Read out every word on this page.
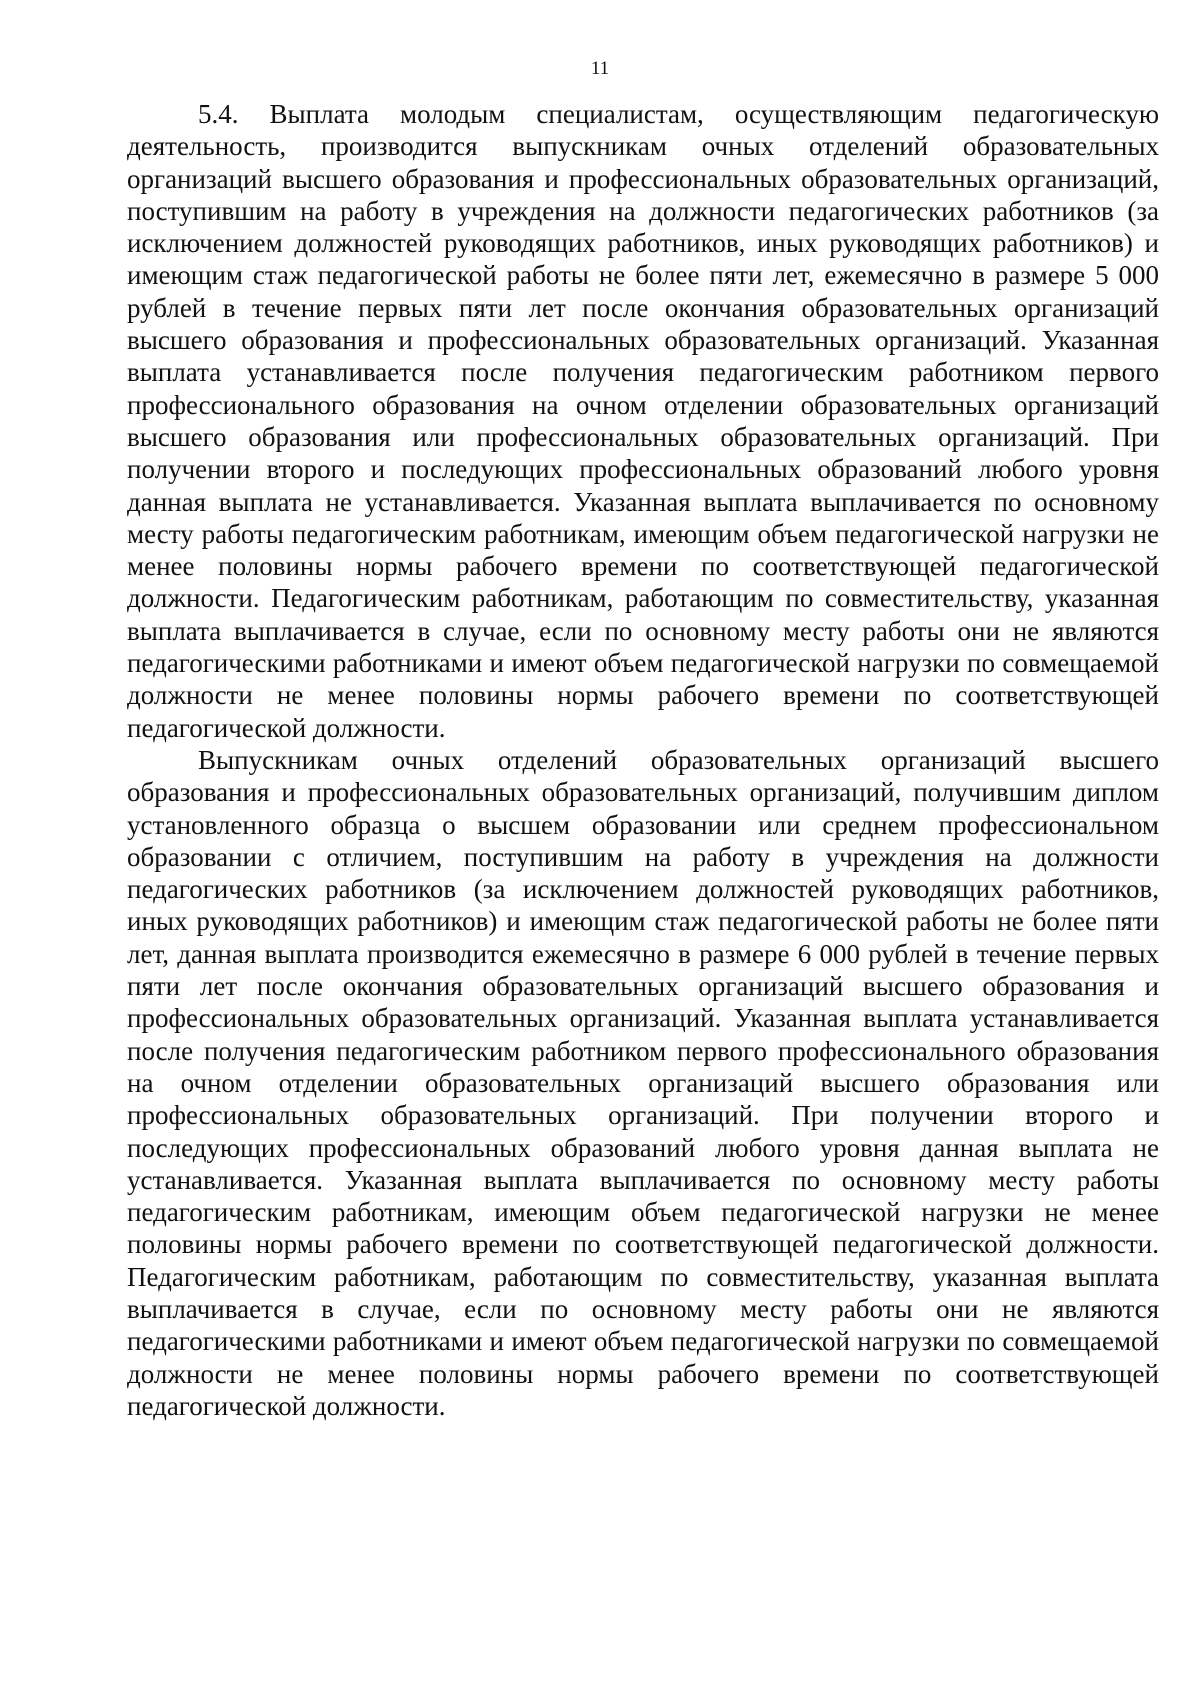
11

5.4. Выплата молодым специалистам, осуществляющим педагогическую деятельность, производится выпускникам очных отделений образовательных организаций высшего образования и профессиональных образовательных организаций, поступившим на работу в учреждения на должности педагогических работников (за исключением должностей руководящих работников, иных руководящих работников) и имеющим стаж педагогической работы не более пяти лет, ежемесячно в размере 5 000 рублей в течение первых пяти лет после окончания образовательных организаций высшего образования и профессиональных образовательных организаций. Указанная выплата устанавливается после получения педагогическим работником первого профессионального образования на очном отделении образовательных организаций высшего образования или профессиональных образовательных организаций. При получении второго и последующих профессиональных образований любого уровня данная выплата не устанавливается. Указанная выплата выплачивается по основному месту работы педагогическим работникам, имеющим объем педагогической нагрузки не менее половины нормы рабочего времени по соответствующей педагогической должности. Педагогическим работникам, работающим по совместительству, указанная выплата выплачивается в случае, если по основному месту работы они не являются педагогическими работниками и имеют объем педагогической нагрузки по совмещаемой должности не менее половины нормы рабочего времени по соответствующей педагогической должности.

Выпускникам очных отделений образовательных организаций высшего образования и профессиональных образовательных организаций, получившим диплом установленного образца о высшем образовании или среднем профессиональном образовании с отличием, поступившим на работу в учреждения на должности педагогических работников (за исключением должностей руководящих работников, иных руководящих работников) и имеющим стаж педагогической работы не более пяти лет, данная выплата производится ежемесячно в размере 6 000 рублей в течение первых пяти лет после окончания образовательных организаций высшего образования и профессиональных образовательных организаций. Указанная выплата устанавливается после получения педагогическим работником первого профессионального образования на очном отделении образовательных организаций высшего образования или профессиональных образовательных организаций. При получении второго и последующих профессиональных образований любого уровня данная выплата не устанавливается. Указанная выплата выплачивается по основному месту работы педагогическим работникам, имеющим объем педагогической нагрузки не менее половины нормы рабочего времени по соответствующей педагогической должности. Педагогическим работникам, работающим по совместительству, указанная выплата выплачивается в случае, если по основному месту работы они не являются педагогическими работниками и имеют объем педагогической нагрузки по совмещаемой должности не менее половины нормы рабочего времени по соответствующей педагогической должности.
